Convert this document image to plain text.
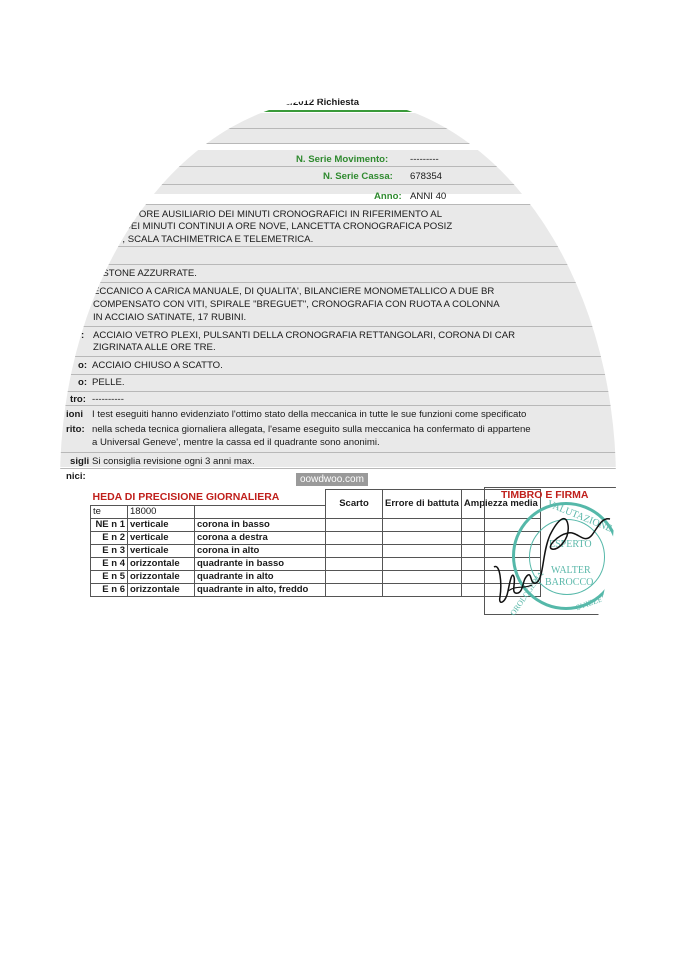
el 20/05/2012 Richiesta
N. Serie Movimento: ---------
N. Serie Cassa: 678354
Anno: ANNI 40
ONTATORE AUSILIARIO DEI MINUTI CRONOGRAFICI IN RIFERIMENTO AL
45, DEI MINUTI CONTINUI A ORE NOVE, LANCETTA CRONOGRAFICA POSIZ
RO, SCALA TACHIMETRICA E TELEMETRICA.
BI.
ASTONE AZZURRATE.
ECCANICO A CARICA MANUALE, DI QUALITA', BILANCIERE MONOMETALLICO A DUE BR
COMPENSATO CON VITI, SPIRALE "BREGUET", CRONOGRAFIA CON RUOTA A COLONNA
IN ACCIAIO SATINATE, 17 RUBINI.
: ACCIAIO VETRO PLEXI, PULSANTI DELLA CRONOGRAFIA RETTANGOLARI, CORONA DI CAR
ZIGRINATA ALLE ORE TRE.
o: ACCIAIO CHIUSO A SCATTO.
o: PELLE.
tro: ----------
ioni I test eseguiti hanno evidenziato l'ottimo stato della meccanica in tutte le sue funzioni come specificato
rito: nella scheda tecnica giornaliera allegata, l'esame eseguito sulla meccanica ha confermato di appartene
a Universal Geneve', mentre la cassa ed il quadrante sono anonimi.
sigli Si consiglia revisione ogni 3 anni max.
nici:	oowdwoo.com
HEDA DI PRECISIONE GIORNALIERA			Scarto	Errore di battuta	Ampiezza media
te	18000				
NE n 1	verticale	corona in basso			
E n 2	verticale	corona a destra			
E n 3	verticale	corona in alto			
E n 4	orizzontale	quadrante in basso			
E n 5	orizzontale	quadrante in alto			
E n 6	orizzontale	quadrante in alto, freddo			
TIMBRO E FIRMA
VALUTAZIONE
ESPERTO
WALTER
BAROCCO
OROLOGERIA	SVIZZERA
